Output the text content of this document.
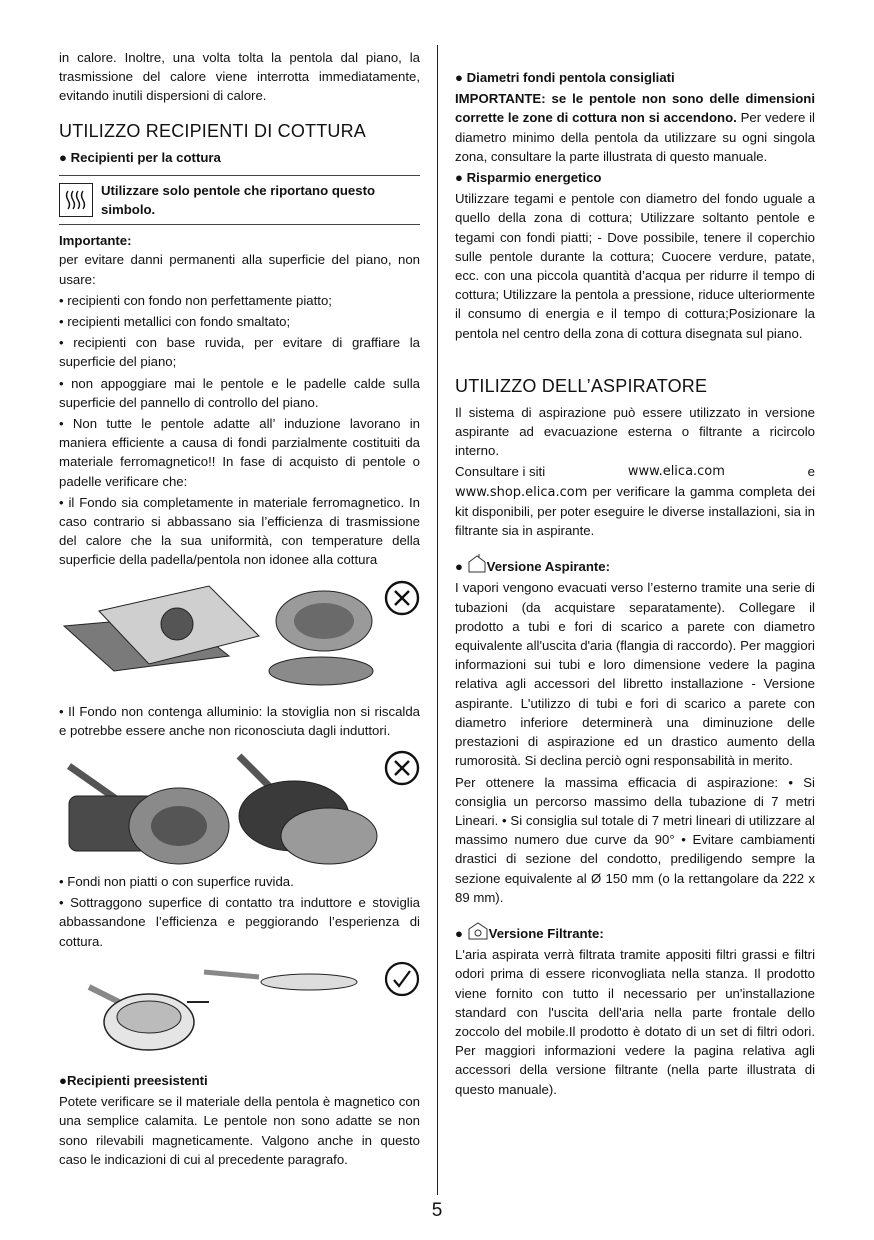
in calore. Inoltre, una volta tolta la pentola dal piano, la trasmissione del calore viene interrotta immediatamente, evitando inutili dispersioni di calore.

UTILIZZO RECIPIENTI DI COTTURA
● Recipienti per la cottura
Utilizzare solo pentole che riportano questo simbolo.
Importante:

per evitare danni permanenti alla superficie del piano, non usare:

• recipienti con fondo non perfettamente piatto;

• recipienti metallici con fondo smaltato;

• recipienti con base ruvida, per evitare di graffiare la superficie del piano;

• non appoggiare mai le pentole e le padelle calde sulla superficie del pannello di controllo del piano.

• Non tutte le pentole adatte all’ induzione lavorano in maniera efficiente a causa di fondi parzialmente costituiti da materiale ferromagnetico!! In fase di acquisto di pentole o padelle verificare che:

• il Fondo sia completamente in materiale ferromagnetico. In caso contrario si abbassano sia l’efficienza di trasmissione del calore che la sua uniformità, con temperature della superficie della padella/pentola non idonee alla cottura

• Il Fondo non contenga alluminio: la stoviglia non si riscalda e potrebbe essere anche non riconosciuta dagli induttori.

• Fondi non piatti o con superfice ruvida.

• Sottraggono superfice di contatto tra induttore e stoviglia abbassandone l’efficienza e peggiorando l’esperienza di cottura.

●Recipienti preesistenti

Potete verificare se il materiale della pentola è magnetico con una semplice calamita. Le pentole non sono adatte se non sono rilevabili magneticamente. Valgono anche in questo caso le indicazioni di cui al precedente paragrafo.

● Diametri fondi pentola consigliati

IMPORTANTE: se le pentole non sono delle dimensioni corrette le zone di cottura non si accendono. Per vedere il diametro minimo della pentola da utilizzare su ogni singola zona, consultare la parte illustrata di questo manuale.

● Risparmio energetico

Utilizzare tegami e pentole con diametro del fondo uguale a quello della zona di cottura; Utilizzare soltanto pentole e tegami con fondi piatti; - Dove possibile, tenere il coperchio sulle pentole durante la cottura; Cuocere verdure, patate, ecc. con una piccola quantità d’acqua per ridurre il tempo di cottura; Utilizzare la pentola a pressione, riduce ulteriormente il consumo di energia e il tempo di cottura;Posizionare la pentola nel centro della zona di cottura disegnata sul piano.

UTILIZZO DELL’ASPIRATORE

Il sistema di aspirazione può essere utilizzato in versione aspirante ad evacuazione esterna o filtrante a ricircolo interno.

Consultare i siti	www.elica.com	e

www.shop.elica.com per verificare la gamma completa dei kit disponibili, per poter eseguire le diverse installazioni, sia in filtrante sia in aspirante.

● Versione Aspirante:

I vapori vengono evacuati verso l’esterno tramite una serie di tubazioni (da acquistare separatamente). Collegare il prodotto a tubi e fori di scarico a parete con diametro equivalente all'uscita d'aria (flangia di raccordo). Per maggiori informazioni sui tubi e loro dimensione vedere la pagina relativa agli accessori del libretto installazione - Versione aspirante. L'utilizzo di tubi e fori di scarico a parete con diametro inferiore determinerà una diminuzione delle prestazioni di aspirazione ed un drastico aumento della rumorosità. Si declina perciò ogni responsabilità in merito.

Per ottenere la massima efficacia di aspirazione: • Si consiglia un percorso massimo della tubazione di 7 metri Lineari. • Si consiglia sul totale di 7 metri lineari di utilizzare al massimo numero due curve da 90° • Evitare cambiamenti drastici di sezione del condotto, prediligendo sempre la sezione equivalente al Ø 150 mm (o la rettangolare da 222 x 89 mm).

● Versione Filtrante:

L'aria aspirata verrà filtrata tramite appositi filtri grassi e filtri odori prima di essere riconvogliata nella stanza. Il prodotto viene fornito con tutto il necessario per un'installazione standard con l'uscita dell'aria nella parte frontale dello zoccolo del mobile.Il prodotto è dotato di un set di filtri odori. Per maggiori informazioni vedere la pagina relativa agli accessori della versione filtrante (nella parte illustrata di questo manuale).

5
